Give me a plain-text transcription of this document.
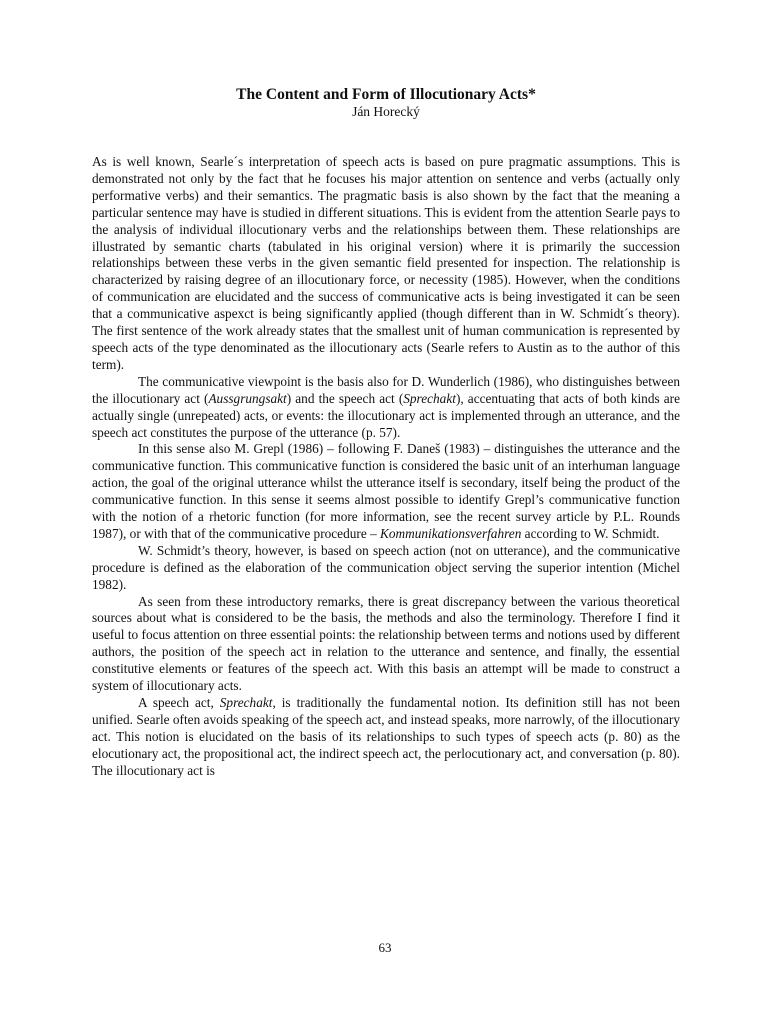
The Content and Form of Illocutionary Acts*
Ján Horecký

As is well known, Searle´s interpretation of speech acts is based on pure pragmatic assumptions. This is demonstrated not only by the fact that he focuses his major attention on sentence and verbs (actually only performative verbs) and their semantics. The pragmatic basis is also shown by the fact that the meaning a particular sentence may have is studied in different situations. This is evident from the attention Searle pays to the analysis of individual illocutionary verbs and the relationships between them. These relationships are illustrated by semantic charts (tabulated in his original version) where it is primarily the succession relationships between these verbs in the given semantic field presented for inspection. The relationship is characterized by raising degree of an illocutionary force, or necessity (1985). However, when the conditions of communication are elucidated and the success of communicative acts is being investigated it can be seen that a communicative aspexct is being significantly applied (though different than in W. Schmidt´s theory). The first sentence of the work already states that the smallest unit of human communication is represented by speech acts of the type denominated as the illocutionary acts (Searle refers to Austin as to the author of this term).

The communicative viewpoint is the basis also for D. Wunderlich (1986), who distinguishes between the illocutionary act (Aussgrungsakt) and the speech act (Sprechakt), accentuating that acts of both kinds are actually single (unrepeated) acts, or events: the illocutionary act is implemented through an utterance, and the speech act constitutes the purpose of the utterance (p. 57).

In this sense also M. Grepl (1986) – following F. Daneš (1983) – distinguishes the utterance and the communicative function. This communicative function is considered the basic unit of an interhuman language action, the goal of the original utterance whilst the utterance itself is secondary, itself being the product of the communicative function. In this sense it seems almost possible to identify Grepl’s communicative function with the notion of a rhetoric function (for more information, see the recent survey article by P.L. Rounds 1987), or with that of the communicative procedure – Kommunikationsverfahren according to W. Schmidt.

W. Schmidt’s theory, however, is based on speech action (not on utterance), and the communicative procedure is defined as the elaboration of the communication object serving the superior intention (Michel 1982).

As seen from these introductory remarks, there is great discrepancy between the various theoretical sources about what is considered to be the basis, the methods and also the terminology. Therefore I find it useful to focus attention on three essential points: the relationship between terms and notions used by different authors, the position of the speech act in relation to the utterance and sentence, and finally, the essential constitutive elements or features of the speech act. With this basis an attempt will be made to construct a system of illocutionary acts.

A speech act, Sprechakt, is traditionally the fundamental notion. Its definition still has not been unified. Searle often avoids speaking of the speech act, and instead speaks, more narrowly, of the illocutionary act. This notion is elucidated on the basis of its relationships to such types of speech acts (p. 80) as the elocutionary act, the propositional act, the indirect speech act, the perlocutionary act, and conversation (p. 80). The illocutionary act is

63
